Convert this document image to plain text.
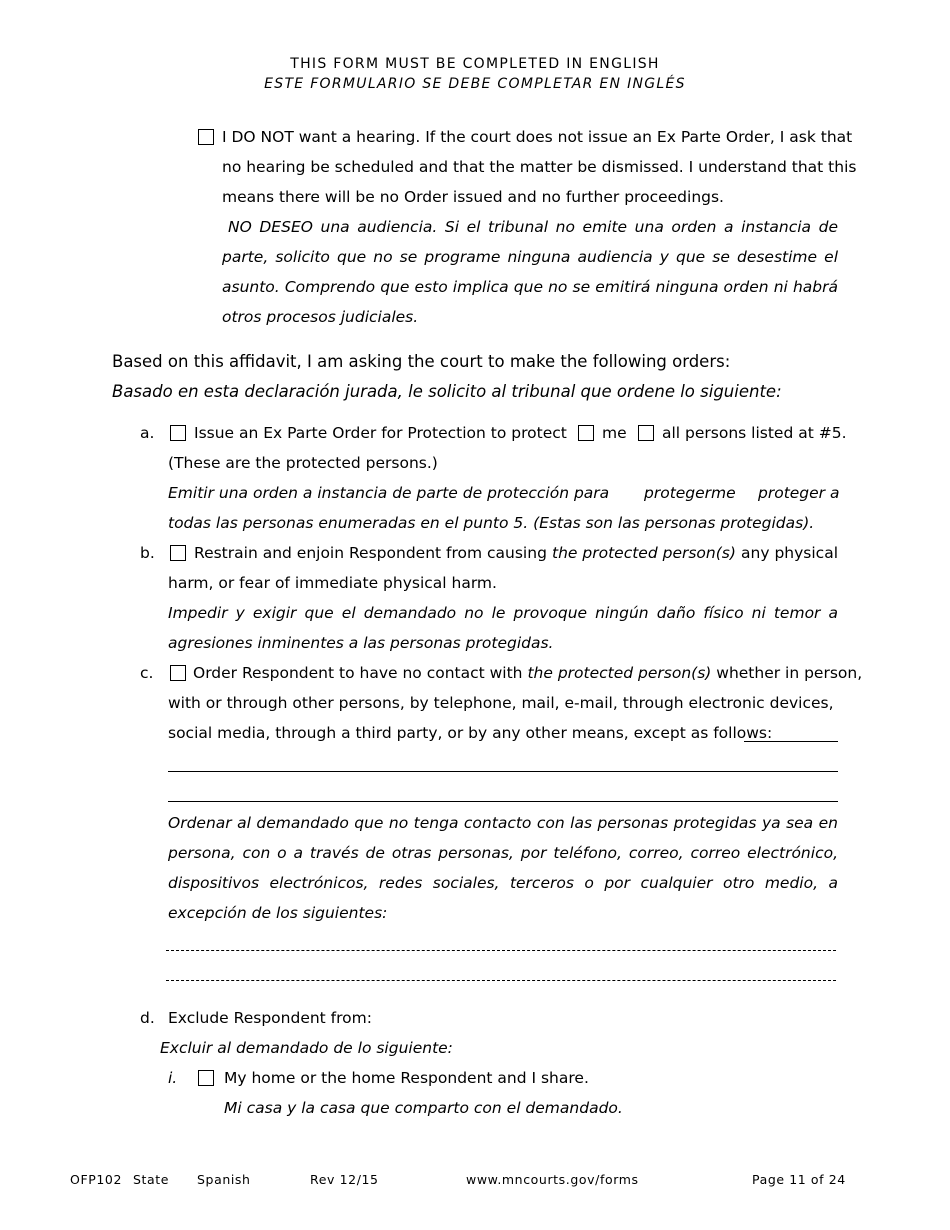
THIS FORM MUST BE COMPLETED IN ENGLISH
ESTE FORMULARIO SE DEBE COMPLETAR EN INGLÉS
I DO NOT want a hearing. If the court does not issue an Ex Parte Order, I ask that
no hearing be scheduled and that the matter be dismissed. I understand that this
means there will be no Order issued and no further proceedings.
NO DESEO una audiencia. Si el tribunal no emite una orden a instancia de
parte, solicito que no se programe ninguna audiencia y que se desestime el
asunto. Comprendo que esto implica que no se emitirá ninguna orden ni habrá
otros procesos judiciales.
Based on this affidavit, I am asking the court to make the following orders:
Basado en esta declaración jurada, le solicito al tribunal que ordene lo siguiente:
a.	Issue an Ex Parte Order for Protection to protect me all persons listed at #5.
(These are the protected persons.)
Emitir una orden a instancia de parte de protección para protegerme proteger a
todas las personas enumeradas en el punto 5. (Estas son las personas protegidas).
b.	Restrain and enjoin Respondent from causing the protected person(s) any physical
harm, or fear of immediate physical harm.
Impedir y exigir que el demandado no le provoque ningún daño físico ni temor a
agresiones inminentes a las personas protegidas.
c.	Order Respondent to have no contact with the protected person(s) whether in person,
with or through other persons, by telephone, mail, e-mail, through electronic devices,
social media, through a third party, or by any other means, except as follows:
Ordenar al demandado que no tenga contacto con las personas protegidas ya sea en
persona, con o a través de otras personas, por teléfono, correo, correo electrónico,
dispositivos electrónicos, redes sociales, terceros o por cualquier otro medio, a
excepción de los siguientes:
d. Exclude Respondent from:
Excluir al demandado de lo siguiente:
i.	My home or the home Respondent and I share.
Mi casa y la casa que comparto con el demandado.
OFP102 State Spanish	Rev 12/15	www.mncourts.gov/forms	Page 11 of 24
